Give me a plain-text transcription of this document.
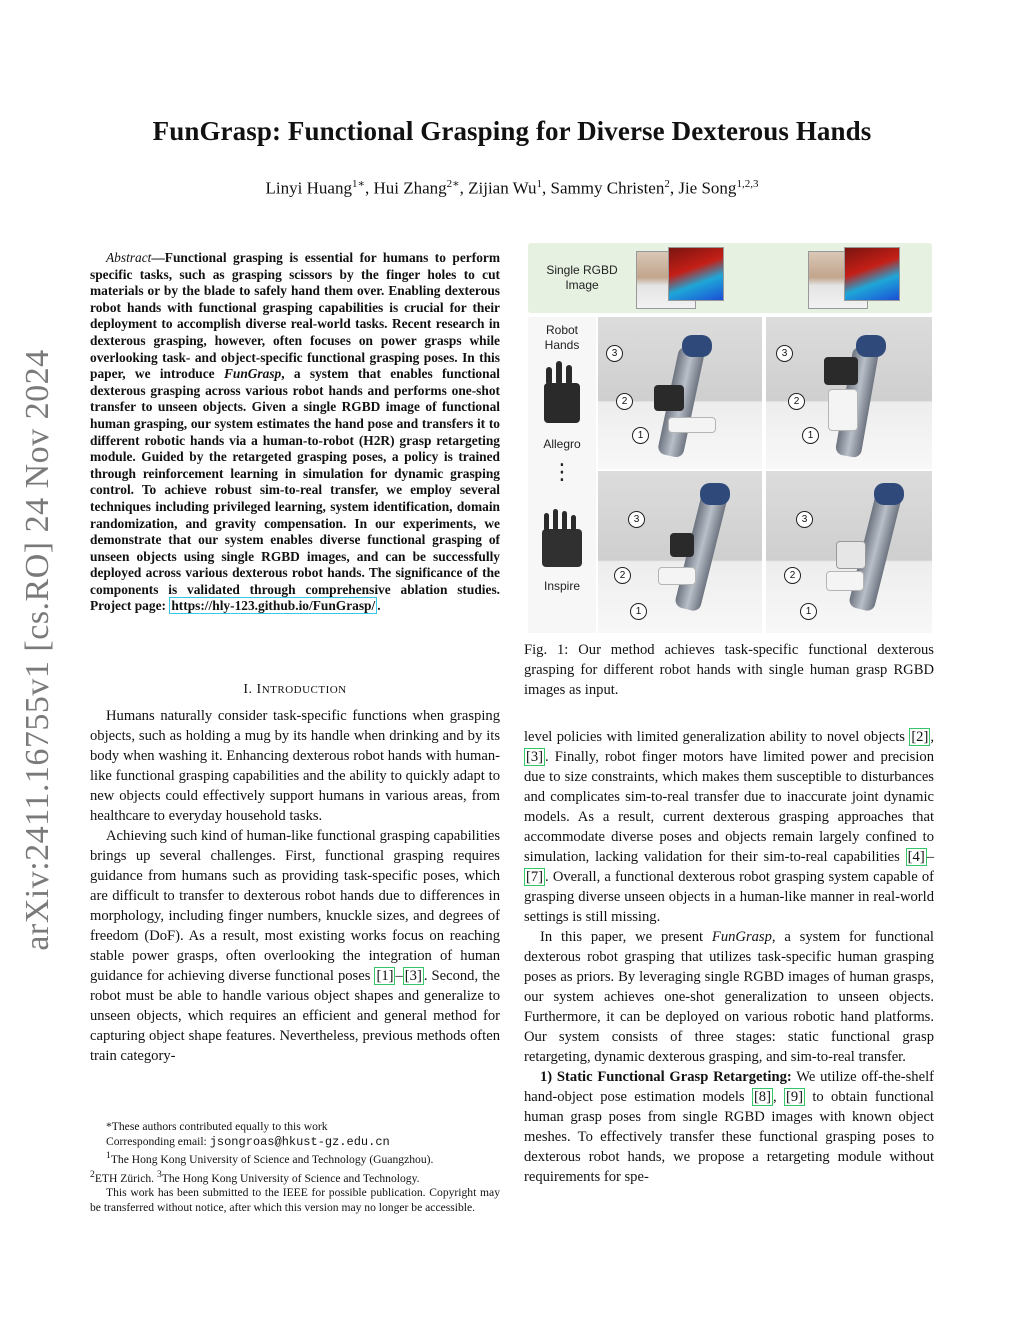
arXiv:2411.16755v1 [cs.RO] 24 Nov 2024
FunGrasp: Functional Grasping for Diverse Dexterous Hands
Linyi Huang$^{1∗}$, Hui Zhang$^{2∗}$, Zijian Wu$^1$, Sammy Christen$^2$, Jie Song$^{1,2,3}$
Abstract—Functional grasping is essential for humans to perform specific tasks, such as grasping scissors by the finger holes to cut materials or by the blade to safely hand them over. Enabling dexterous robot hands with functional grasping capabilities is crucial for their deployment to accomplish diverse real-world tasks. Recent research in dexterous grasping, however, often focuses on power grasps while overlooking task- and object-specific functional grasping poses. In this paper, we introduce FunGrasp, a system that enables functional dexterous grasping across various robot hands and performs one-shot transfer to unseen objects. Given a single RGBD image of functional human grasping, our system estimates the hand pose and transfers it to different robotic hands via a human-to-robot (H2R) grasp retargeting module. Guided by the retargeted grasping poses, a policy is trained through reinforcement learning in simulation for dynamic grasping control. To achieve robust sim-to-real transfer, we employ several techniques including privileged learning, system identification, domain randomization, and gravity compensation. In our experiments, we demonstrate that our system enables diverse functional grasping of unseen objects using single RGBD images, and can be successfully deployed across various dexterous robot hands. The significance of the components is validated through comprehensive ablation studies. Project page: https://hly-123.github.io/FunGrasp/ .
I. INTRODUCTION

Humans naturally consider task-specific functions when grasping objects, such as holding a mug by its handle when drinking and by its body when washing it. Enhancing dexterous robot hands with human-like functional grasping capabilities and the ability to quickly adapt to new objects could effectively support humans in various areas, from healthcare to everyday household tasks.

Achieving such kind of human-like functional grasping capabilities brings up several challenges. First, functional grasping requires guidance from humans such as providing task-specific poses, which are difficult to transfer to dexterous robot hands due to differences in morphology, including finger numbers, knuckle sizes, and degrees of freedom (DoF). As a result, most existing works focus on reaching stable power grasps, often overlooking the integration of human guidance for achieving diverse functional poses [1] – [3] . Second, the robot must be able to handle various object shapes and generalize to unseen objects, which requires an efficient and general method for capturing object shape features. Nevertheless, previous methods often train category-

*These authors contributed equally to this work

Corresponding email: jsongroas@hkust-gz.edu.cn

$^1$The Hong Kong University of Science and Technology (Guangzhou).

$^2$ETH Zürich. $^3$The Hong Kong University of Science and Technology.

This work has been submitted to the IEEE for possible publication. Copyright may be transferred without notice, after which this version may no longer be accessible.

Single RGBD Image
Robot Hands
Allegro
⋮
Inspire
3
2
1
3
2
1
3
2
1
3
2
1
Fig. 1: Our method achieves task-specific functional dexterous grasping for different robot hands with single human grasp RGBD images as input.

level policies with limited generalization ability to novel objects [2] , [3] . Finally, robot finger motors have limited power and precision due to size constraints, which makes them susceptible to disturbances and complicates sim-to-real transfer due to inaccurate joint dynamic models. As a result, current dexterous grasping approaches that accommodate diverse poses and objects remain largely confined to simulation, lacking validation for their sim-to-real capabilities [4] –[7] . Overall, a functional dexterous robot grasping system capable of grasping diverse unseen objects in a human-like manner in real-world settings is still missing.

In this paper, we present FunGrasp, a system for functional dexterous robot grasping that utilizes task-specific human grasping poses as priors. By leveraging single RGBD images of human grasps, our system achieves one-shot generalization to unseen objects. Furthermore, it can be deployed on various robotic hand platforms. Our system consists of three stages: static functional grasp retargeting, dynamic dexterous grasping, and sim-to-real transfer.

1) Static Functional Grasp Retargeting: We utilize off-the-shelf hand-object pose estimation models [8] , [9] to obtain functional human grasp poses from single RGBD images with known object meshes. To effectively transfer these functional grasping poses to dexterous robot hands, we propose a retargeting module without requirements for spe-
